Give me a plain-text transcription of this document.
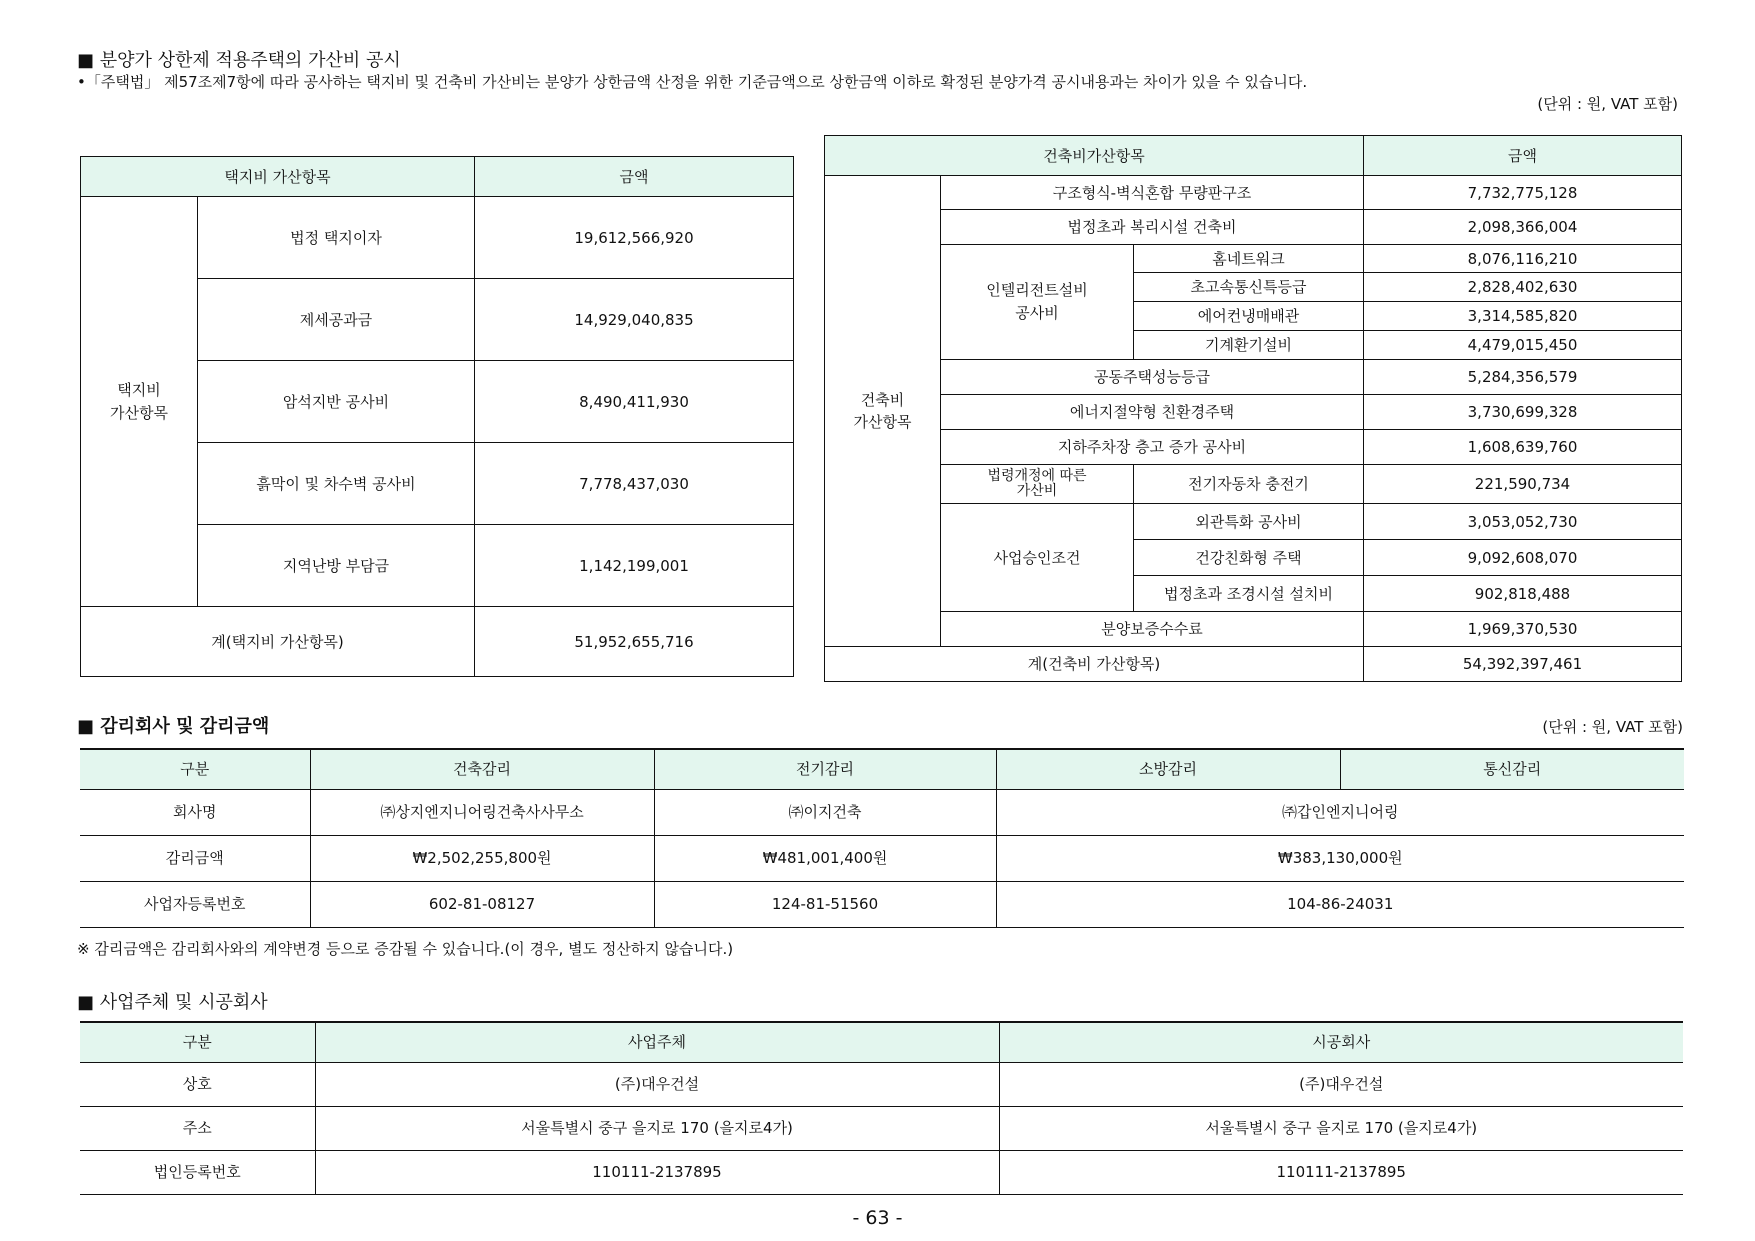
■ 분양가 상한제 적용주택의 가산비 공시
•「주택법」 제57조제7항에 따라 공사하는 택지비 및 건축비 가산비는 분양가 상한금액 산정을 위한 기준금액으로 상한금액 이하로 확정된 분양가격 공시내용과는 차이가 있을 수 있습니다.
(단위 : 원, VAT 포함)
택지비 가산항목		금액
택지비
가산항목	법정 택지이자	19,612,566,920
	제세공과금	14,929,040,835
	암석지반 공사비	8,490,411,930
	흙막이 및 차수벽 공사비	7,778,437,030
	지역난방 부담금	1,142,199,001
계(택지비 가산항목)		51,952,655,716
건축비가산항목			금액
건축비
가산항목	구조형식-벽식혼합 무량판구조		7,732,775,128
	법정초과 복리시설 건축비		2,098,366,004
	인텔리전트설비
공사비	홈네트워크	8,076,116,210
		초고속통신특등급	2,828,402,630
		에어컨냉매배관	3,314,585,820
		기계환기설비	4,479,015,450
	공동주택성능등급		5,284,356,579
	에너지절약형 친환경주택		3,730,699,328
	지하주차장 층고 증가 공사비		1,608,639,760
	법령개정에 따른
가산비	전기자동차 충전기	221,590,734
	사업승인조건	외관특화 공사비	3,053,052,730
		건강친화형 주택	9,092,608,070
		법정초과 조경시설 설치비	902,818,488
	분양보증수수료		1,969,370,530
계(건축비 가산항목)			54,392,397,461
■ 감리회사 및 감리금액	(단위 : 원, VAT 포함)
구분	건축감리	전기감리	소방감리	통신감리
회사명	㈜상지엔지니어링건축사사무소	㈜이지건축	㈜갑인엔지니어링	
감리금액	₩2,502,255,800원	₩481,001,400원	₩383,130,000원	
사업자등록번호	602-81-08127	124-81-51560	104-86-24031	
※ 감리금액은 감리회사와의 계약변경 등으로 증감될 수 있습니다.(이 경우, 별도 정산하지 않습니다.)
■ 사업주체 및 시공회사
구분	사업주체	시공회사
상호	(주)대우건설	(주)대우건설
주소	서울특별시 중구 을지로 170 (을지로4가)	서울특별시 중구 을지로 170 (을지로4가)
법인등록번호	110111-2137895	110111-2137895
- 63 -
